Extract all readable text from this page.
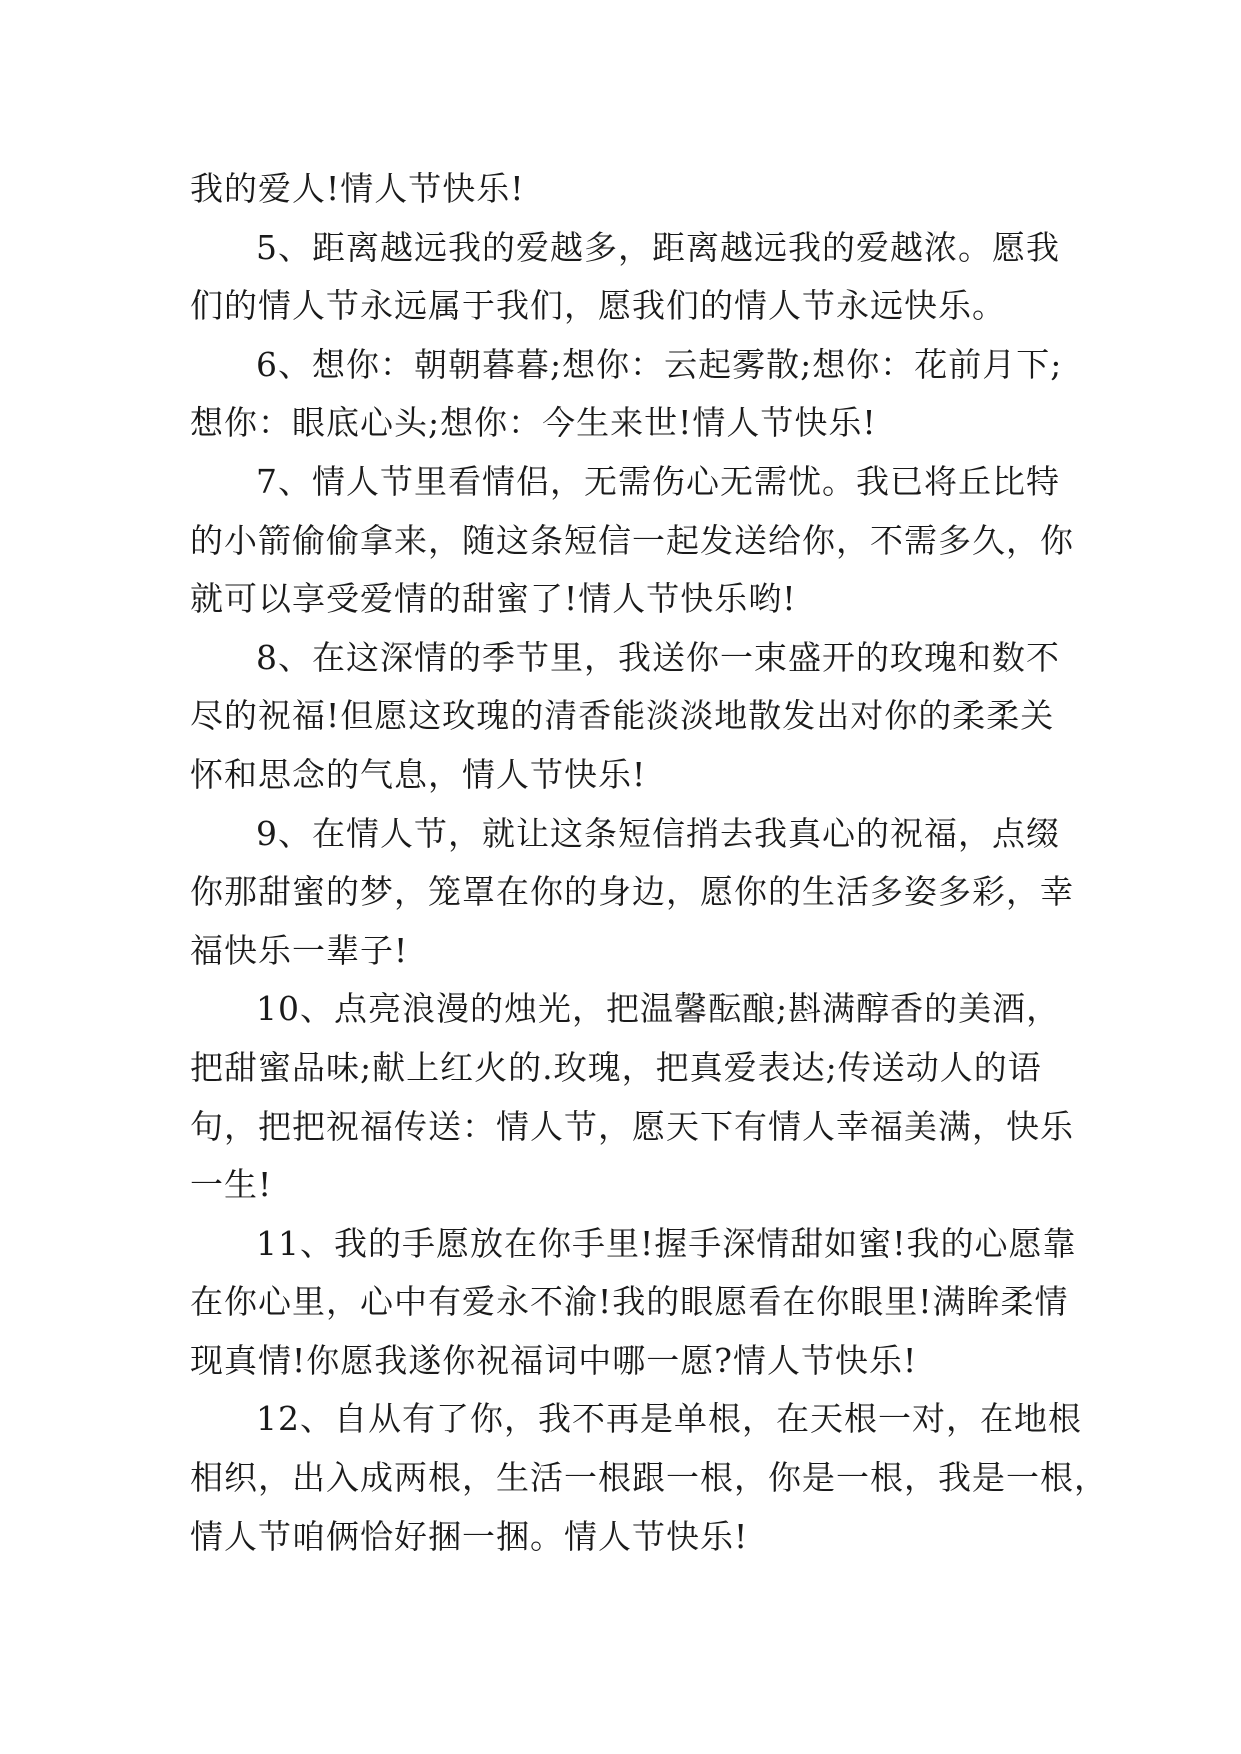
我的爱人!情人节快乐!
5、距离越远我的爱越多，距离越远我的爱越浓。愿我
们的情人节永远属于我们，愿我们的情人节永远快乐。
6、想你：朝朝暮暮;想你：云起雾散;想你：花前月下;
想你：眼底心头;想你：今生来世!情人节快乐!
7、情人节里看情侣，无需伤心无需忧。我已将丘比特
的小箭偷偷拿来，随这条短信一起发送给你，不需多久，你
就可以享受爱情的甜蜜了!情人节快乐哟!
8、在这深情的季节里，我送你一束盛开的玫瑰和数不
尽的祝福!但愿这玫瑰的清香能淡淡地散发出对你的柔柔关
怀和思念的气息，情人节快乐!
9、在情人节，就让这条短信捎去我真心的祝福，点缀
你那甜蜜的梦，笼罩在你的身边，愿你的生活多姿多彩，幸
福快乐一辈子!
10、点亮浪漫的烛光，把温馨酝酿;斟满醇香的美酒，
把甜蜜品味;献上红火的.玫瑰，把真爱表达;传送动人的语
句，把把祝福传送：情人节，愿天下有情人幸福美满，快乐
一生!
11、我的手愿放在你手里!握手深情甜如蜜!我的心愿靠
在你心里，心中有爱永不渝!我的眼愿看在你眼里!满眸柔情
现真情!你愿我遂你祝福词中哪一愿?情人节快乐!
12、自从有了你，我不再是单根，在天根一对，在地根
相织，出入成两根，生活一根跟一根，你是一根，我是一根，
情人节咱俩恰好捆一捆。情人节快乐!
